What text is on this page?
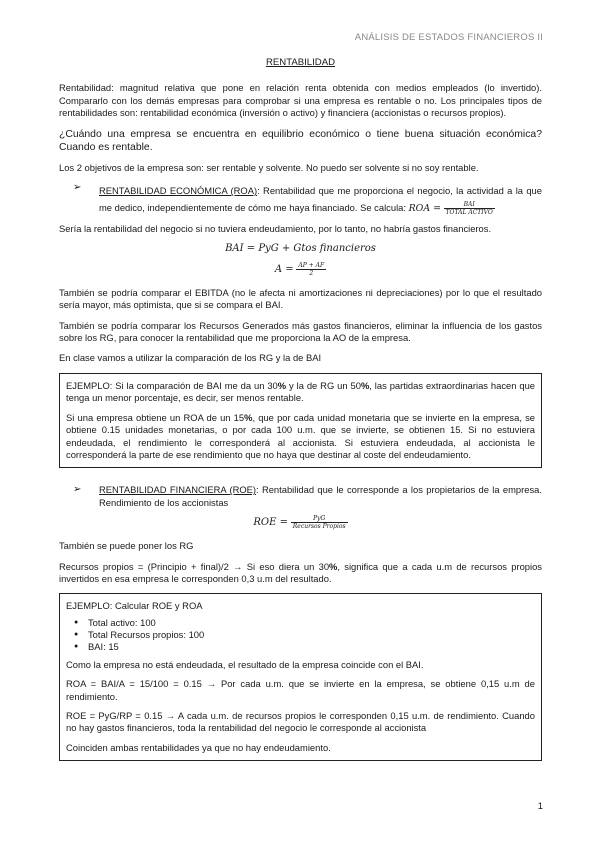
ANÁLISIS DE ESTADOS FINANCIEROS II
RENTABILIDAD

Rentabilidad: magnitud relativa que pone en relación renta obtenida con medios empleados (lo invertido). Compararlo con los demás empresas para comprobar si una empresa es rentable o no. Los principales tipos de rentabilidades son: rentabilidad económica (inversión o activo) y financiera (accionistas o recursos propios).

¿Cuándo una empresa se encuentra en equilibrio económico o tiene buena situación económica? Cuando es rentable.

Los 2 objetivos de la empresa son: ser rentable y solvente. No puedo ser solvente si no soy rentable.

➢	RENTABILIDAD ECONÓMICA (ROA): Rentabilidad que me proporciona el negocio, la actividad a la que me dedico, independientemente de cómo me haya financiado. Se calcula: ROA = $\frac{\text{BAI}}{\text{TOTAL ACTIVO}}$

Sería la rentabilidad del negocio si no tuviera endeudamiento, por lo tanto, no habría gastos financieros.

BAI = PyG + Gtos financieros
$A = \frac{AP + AF}{2}$

También se podría comparar el EBITDA (no le afecta ni amortizaciones ni depreciaciones) por lo que el resultado sería mayor, más optimista, que si se compara el BAI.

También se podría comparar los Recursos Generados más gastos financieros, eliminar la influencia de los gastos sobre los RG, para conocer la rentabilidad que me proporciona la AO de la empresa.

En clase vamos a utilizar la comparación de los RG y la de BAI

EJEMPLO: Si la comparación de BAI me da un 30% y la de RG un 50%, las partidas extraordinarias hacen que tenga un menor porcentaje, es decir, ser menos rentable.

Si una empresa obtiene un ROA de un 15%, que por cada unidad monetaria que se invierte en la empresa, se obtiene 0.15 unidades monetarias, o por cada 100 u.m. que se invierte, se obtienen 15. Si no estuviera endeudada, el rendimiento le corresponderá al accionista. Si estuviera endeudada, al accionista le corresponderá la parte de ese rendimiento que no haya que destinar al coste del endeudamiento.

➢	RENTABILIDAD FINANCIERA (ROE): Rentabilidad que le corresponde a los propietarios de la empresa. Rendimiento de los accionistas
ROE = $\frac{\text{PyG}}{\text{Recursos Propios}}$

También se puede poner los RG

Recursos propios = (Principio + final)/2 → Si eso diera un 30%, significa que a cada u.m de recursos propios invertidos en esa empresa le corresponden 0,3 u.m del resultado.

EJEMPLO: Calcular ROE y ROA

● Total activo: 100
● Total Recursos propios: 100
● BAI: 15

Como la empresa no está endeudada, el resultado de la empresa coincide con el BAI.

ROA = BAI/A = 15/100 = 0.15 → Por cada u.m. que se invierte en la empresa, se obtiene 0,15 u.m de rendimiento.

ROE = PyG/RP = 0.15 → A cada u.m. de recursos propios le corresponden 0,15 u.m. de rendimiento. Cuando no hay gastos financieros, toda la rentabilidad del negocio le corresponde al accionista

Coinciden ambas rentabilidades ya que no hay endeudamiento.

1
